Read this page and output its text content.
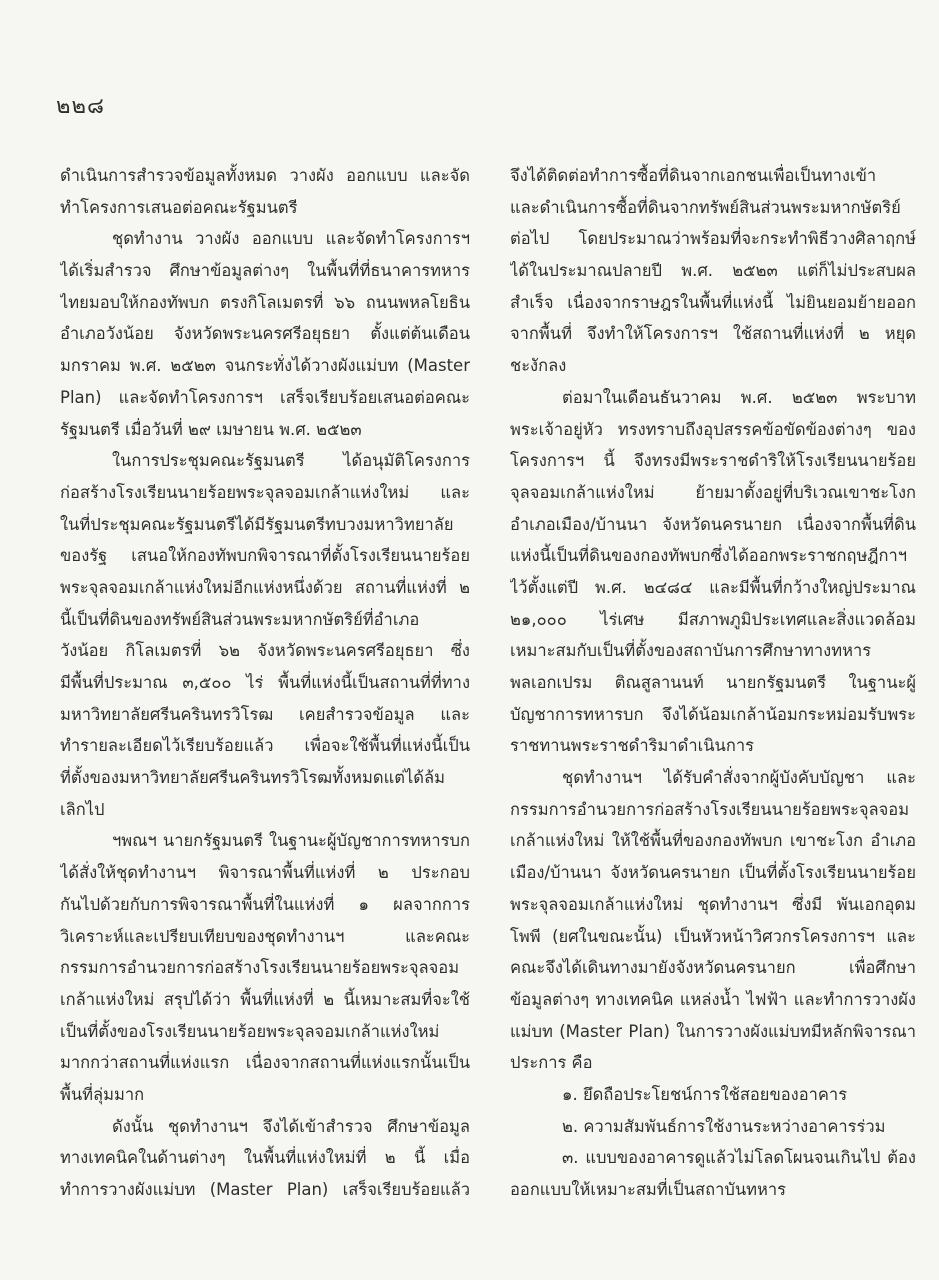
๒๒๘
ดำเนินการสำรวจข้อมูลทั้งหมด วางผัง ออกแบบ และจัด
ทำโครงการเสนอต่อคณะรัฐมนตรี
ชุดทำงาน วางผัง ออกแบบ และจัดทำโครงการฯ
ได้เริ่มสำรวจ ศึกษาข้อมูลต่างๆ ในพื้นที่ที่ธนาคารทหาร
ไทยมอบให้กองทัพบก ตรงกิโลเมตรที่ ๖๖ ถนนพหลโยธิน
อำเภอวังน้อย จังหวัดพระนครศรีอยุธยา ตั้งแต่ต้นเดือน
มกราคม พ.ศ. ๒๕๒๓ จนกระทั่งได้วางผังแม่บท (Master
Plan) และจัดทำโครงการฯ เสร็จเรียบร้อยเสนอต่อคณะ
รัฐมนตรี เมื่อวันที่ ๒๙ เมษายน พ.ศ. ๒๕๒๓
ในการประชุมคณะรัฐมนตรี ได้อนุมัติโครงการ
ก่อสร้างโรงเรียนนายร้อยพระจุลจอมเกล้าแห่งใหม่ และ
ในที่ประชุมคณะรัฐมนตรีได้มีรัฐมนตรีทบวงมหาวิทยาลัย
ของรัฐ เสนอให้กองทัพบกพิจารณาที่ตั้งโรงเรียนนายร้อย
พระจุลจอมเกล้าแห่งใหม่อีกแห่งหนึ่งด้วย สถานที่แห่งที่ ๒
นี้เป็นที่ดินของทรัพย์สินส่วนพระมหากษัตริย์ที่อำเภอ
วังน้อย กิโลเมตรที่ ๖๒ จังหวัดพระนครศรีอยุธยา ซึ่ง
มีพื้นที่ประมาณ ๓,๕๐๐ ไร่ พื้นที่แห่งนี้เป็นสถานที่ที่ทาง
มหาวิทยาลัยศรีนครินทรวิโรฒ เคยสำรวจข้อมูล และ
ทำรายละเอียดไว้เรียบร้อยแล้ว เพื่อจะใช้พื้นที่แห่งนี้เป็น
ที่ตั้งของมหาวิทยาลัยศรีนครินทรวิโรฒทั้งหมดแต่ได้ล้ม
เลิกไป
ฯพณฯ นายกรัฐมนตรี ในฐานะผู้บัญชาการทหารบก
ได้สั่งให้ชุดทำงานฯ พิจารณาพื้นที่แห่งที่ ๒ ประกอบ
กันไปด้วยกับการพิจารณาพื้นที่ในแห่งที่ ๑ ผลจากการ
วิเคราะห์และเปรียบเทียบของชุดทำงานฯ และคณะ
กรรมการอำนวยการก่อสร้างโรงเรียนนายร้อยพระจุลจอม
เกล้าแห่งใหม่ สรุปได้ว่า พื้นที่แห่งที่ ๒ นี้เหมาะสมที่จะใช้
เป็นที่ตั้งของโรงเรียนนายร้อยพระจุลจอมเกล้าแห่งใหม่
มากกว่าสถานที่แห่งแรก เนื่องจากสถานที่แห่งแรกนั้นเป็น
พื้นที่ลุ่มมาก
ดังนั้น ชุดทำงานฯ จึงได้เข้าสำรวจ ศึกษาข้อมูล
ทางเทคนิคในด้านต่างๆ ในพื้นที่แห่งใหม่ที่ ๒ นี้ เมื่อ
ทำการวางผังแม่บท (Master Plan) เสร็จเรียบร้อยแล้ว
จึงได้ติดต่อทำการซื้อที่ดินจากเอกชนเพื่อเป็นทางเข้า
และดำเนินการซื้อที่ดินจากทรัพย์สินส่วนพระมหากษัตริย์
ต่อไป โดยประมาณว่าพร้อมที่จะกระทำพิธีวางศิลาฤกษ์
ได้ในประมาณปลายปี พ.ศ. ๒๕๒๓ แต่ก็ไม่ประสบผล
สำเร็จ เนื่องจากราษฎรในพื้นที่แห่งนี้ ไม่ยินยอมย้ายออก
จากพื้นที่ จึงทำให้โครงการฯ ใช้สถานที่แห่งที่ ๒ หยุด
ชะงักลง
ต่อมาในเดือนธันวาคม พ.ศ. ๒๕๒๓ พระบาท
พระเจ้าอยู่หัว ทรงทราบถึงอุปสรรคข้อขัดข้องต่างๆ ของ
โครงการฯ นี้ จึงทรงมีพระราชดำริให้โรงเรียนนายร้อย
จุลจอมเกล้าแห่งใหม่ ย้ายมาตั้งอยู่ที่บริเวณเขาชะโงก
อำเภอเมือง/บ้านนา จังหวัดนครนายก เนื่องจากพื้นที่ดิน
แห่งนี้เป็นที่ดินของกองทัพบกซึ่งได้ออกพระราชกฤษฎีกาฯ
ไว้ตั้งแต่ปี พ.ศ. ๒๔๘๔ และมีพื้นที่กว้างใหญ่ประมาณ
๒๑,๐๐๐ ไร่เศษ มีสภาพภูมิประเทศและสิ่งแวดล้อม
เหมาะสมกับเป็นที่ตั้งของสถาบันการศึกษาทางทหาร
พลเอกเปรม ติณสูลานนท์ นายกรัฐมนตรี ในฐานะผู้
บัญชาการทหารบก จึงได้น้อมเกล้าน้อมกระหม่อมรับพระ
ราชทานพระราชดำริมาดำเนินการ
ชุดทำงานฯ ได้รับคำสั่งจากผู้บังคับบัญชา และ
กรรมการอำนวยการก่อสร้างโรงเรียนนายร้อยพระจุลจอม
เกล้าแห่งใหม่ ให้ใช้พื้นที่ของกองทัพบก เขาชะโงก อำเภอ
เมือง/บ้านนา จังหวัดนครนายก เป็นที่ตั้งโรงเรียนนายร้อย
พระจุลจอมเกล้าแห่งใหม่ ชุดทำงานฯ ซึ่งมี พันเอกอุดม
โพพี (ยศในขณะนั้น) เป็นหัวหน้าวิศวกรโครงการฯ และ
คณะจึงได้เดินทางมายังจังหวัดนครนายก เพื่อศึกษา
ข้อมูลต่างๆ ทางเทคนิค แหล่งน้ำ ไฟฟ้า และทำการวางผัง
แม่บท (Master Plan) ในการวางผังแม่บทมีหลักพิจารณา
ประการ คือ
๑. ยึดถือประโยชน์การใช้สอยของอาคาร
๒. ความสัมพันธ์การใช้งานระหว่างอาคารร่วม
๓. แบบของอาคารดูแล้วไม่โลดโผนจนเกินไป ต้อง
ออกแบบให้เหมาะสมที่เป็นสถาบันทหาร
